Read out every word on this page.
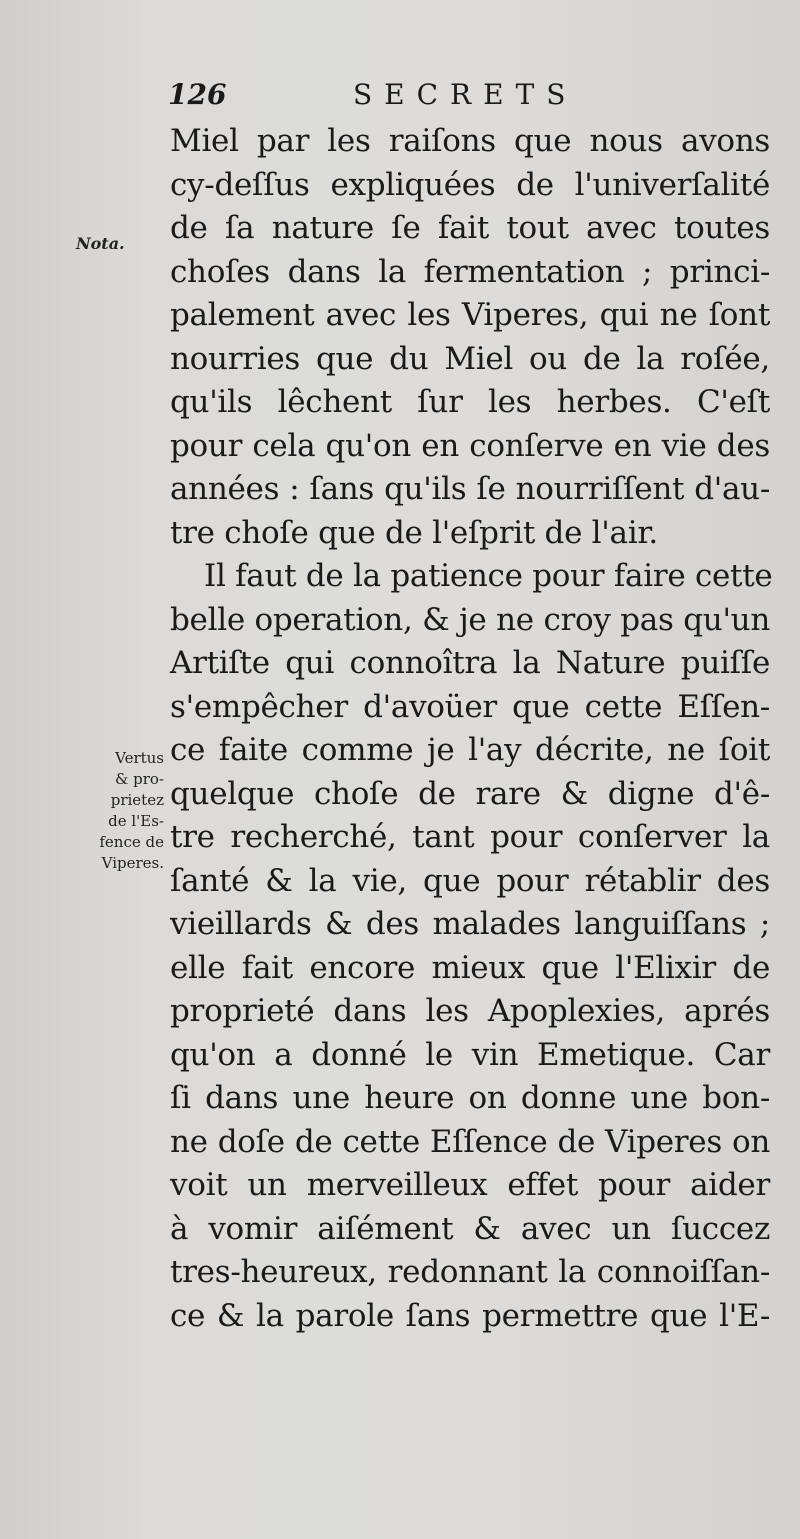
126	SECRETS
Nota.
Vertus
& pro-
prietez
de l'Es-
fence de
Viperes.
Miel par les raiſons que nous avons
cy-deſſus expliquées de l'univerſalité
de ſa nature ſe fait tout avec toutes
choſes dans la fermentation ; princi-
palement avec les Viperes, qui ne ſont
nourries que du Miel ou de la roſée,
qu'ils lêchent ſur les herbes. C'eſt
pour cela qu'on en conſerve en vie des
années : ſans qu'ils ſe nourriſſent d'au-
tre choſe que de l'eſprit de l'air.
Il faut de la patience pour faire cette
belle operation, & je ne croy pas qu'un
Artiſte qui connoîtra la Nature puiſſe
s'empêcher d'avoüer que cette Eſſen-
ce faite comme je l'ay décrite, ne ſoit
quelque choſe de rare & digne d'ê-
tre recherché, tant pour conſerver la
ſanté & la vie, que pour rétablir des
vieillards & des malades languiſſans ;
elle fait encore mieux que l'Elixir de
proprieté dans les Apoplexies, aprés
qu'on a donné le vin Emetique. Car
ſi dans une heure on donne une bon-
ne doſe de cette Eſſence de Viperes on
voit un merveilleux effet pour aider
à vomir aiſément & avec un ſuccez
tres-heureux, redonnant la connoiſſan-
ce & la parole ſans permettre que l'E-
